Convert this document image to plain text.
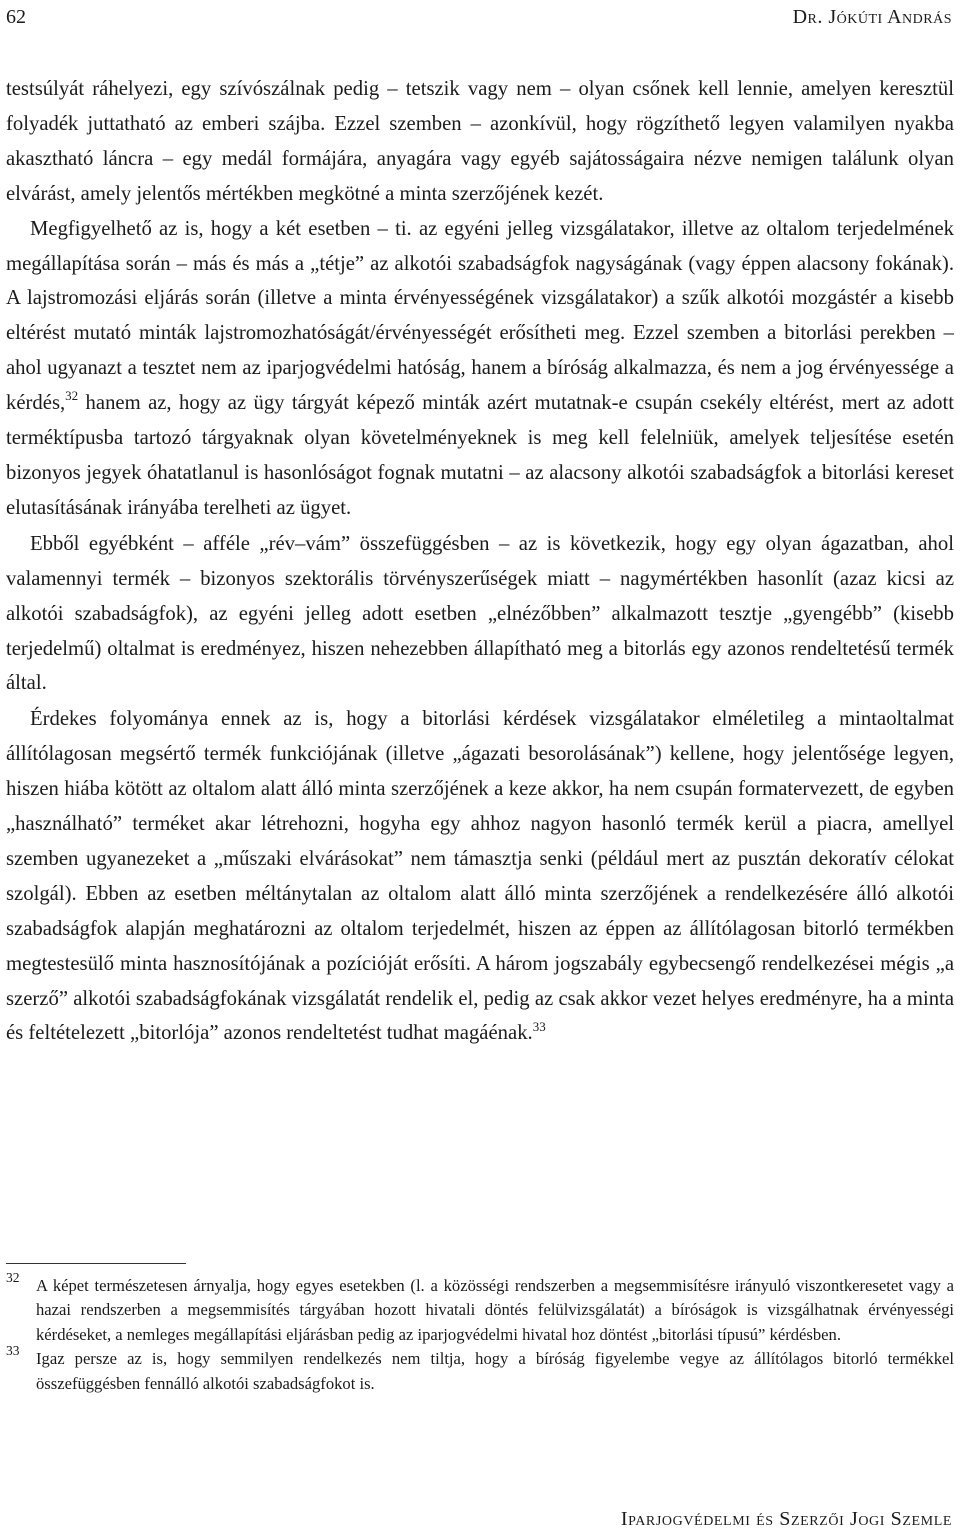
62	Dr. Jókúti András

testsúlyát ráhelyezi, egy szívószálnak pedig – tetszik vagy nem – olyan csőnek kell lennie, amelyen keresztül folyadék juttatható az emberi szájba. Ezzel szemben – azonkívül, hogy rögzíthető legyen valamilyen nyakba akasztható láncra – egy medál formájára, anyagára vagy egyéb sajátosságaira nézve nemigen találunk olyan elvárást, amely jelentős mértékben megkötné a minta szerzőjének kezét.

Megfigyelhető az is, hogy a két esetben – ti. az egyéni jelleg vizsgálatakor, illetve az oltalom terjedelmének megállapítása során – más és más a „tétje” az alkotói szabadságfok nagyságának (vagy éppen alacsony fokának). A lajstromozási eljárás során (illetve a minta érvényességének vizsgálatakor) a szűk alkotói mozgástér a kisebb eltérést mutató minták lajstromozhatóságát/érvényességét erősítheti meg. Ezzel szemben a bitorlási perekben – ahol ugyanazt a tesztet nem az iparjogvédelmi hatóság, hanem a bíróság alkalmazza, és nem a jog érvényessége a kérdés,$^{32}$ hanem az, hogy az ügy tárgyát képező minták azért mutatnak-e csupán csekély eltérést, mert az adott terméktípusba tartozó tárgyaknak olyan követelményeknek is meg kell felelniük, amelyek teljesítése esetén bizonyos jegyek óhatatlanul is hasonlóságot fognak mutatni – az alacsony alkotói szabadságfok a bitorlási kereset elutasításának irányába terelheti az ügyet.

Ebből egyébként – afféle „rév–vám” összefüggésben – az is következik, hogy egy olyan ágazatban, ahol valamennyi termék – bizonyos szektorális törvényszerűségek miatt – nagymértékben hasonlít (azaz kicsi az alkotói szabadságfok), az egyéni jelleg adott esetben „elnézőbben” alkalmazott tesztje „gyengébb” (kisebb terjedelmű) oltalmat is eredményez, hiszen nehezebben állapítható meg a bitorlás egy azonos rendeltetésű termék által.

Érdekes folyománya ennek az is, hogy a bitorlási kérdések vizsgálatakor elméletileg a mintaoltalmat állítólagosan megsértő termék funkciójának (illetve „ágazati besorolásának”) kellene, hogy jelentősége legyen, hiszen hiába kötött az oltalom alatt álló minta szerzőjének a keze akkor, ha nem csupán formatervezett, de egyben „használható” terméket akar létrehozni, hogyha egy ahhoz nagyon hasonló termék kerül a piacra, amellyel szemben ugyanezeket a „műszaki elvárásokat” nem támasztja senki (például mert az pusztán dekoratív célokat szolgál). Ebben az esetben méltánytalan az oltalom alatt álló minta szerzőjének a rendelkezésére álló alkotói szabadságfok alapján meghatározni az oltalom terjedelmét, hiszen az éppen az állítólagosan bitorló termékben megtestesülő minta hasznosítójának a pozícióját erősíti. A három jogszabály egybecsengő rendelkezései mégis „a szerző” alkotói szabadságfokának vizsgálatát rendelik el, pedig az csak akkor vezet helyes eredményre, ha a minta és feltételezett „bitorlója” azonos rendeltetést tudhat magáénak.$^{33}$

32 A képet természetesen árnyalja, hogy egyes esetekben (l. a közösségi rendszerben a megsemmisítésre irányuló viszontkeresetet vagy a hazai rendszerben a megsemmisítés tárgyában hozott hivatali döntés felülvizsgálatát) a bíróságok is vizsgálhatnak érvényességi kérdéseket, a nemleges megállapítási eljárásban pedig az iparjogvédelmi hivatal hoz döntést „bitorlási típusú” kérdésben.
33 Igaz persze az is, hogy semmilyen rendelkezés nem tiltja, hogy a bíróság figyelembe vegye az állítólagos bitorló termékkel összefüggésben fennálló alkotói szabadságfokot is.
Iparjogvédelmi és Szerzői Jogi Szemle
